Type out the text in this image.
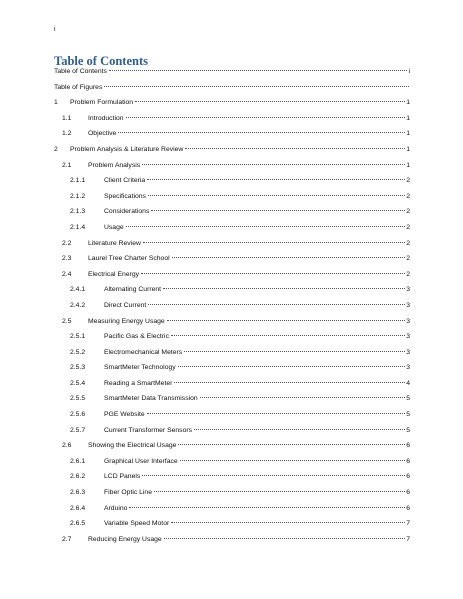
i
Table of Contents
Table of Contents	i
Table of Figures
1	Problem Formulation	1
1.1	Introduction	1
1.2	Objective	1
2	Problem Analysis & Literature Review	1
2.1	Problem Analysis	1
2.1.1	Client Criteria	2
2.1.2	Specifications	2
2.1.3	Considerations	2
2.1.4	Usage	2
2.2	Literature Review	2
2.3	Laurel Tree Charter School	2
2.4	Electrical Energy	2
2.4.1	Alternating Current	3
2.4.2	Direct Current	3
2.5	Measuring Energy Usage	3
2.5.1	Pacific Gas & Electric	3
2.5.2	Electromechanical Meters	3
2.5.3	SmartMeter Technology	3
2.5.4	Reading a SmartMeter	4
2.5.5	SmartMeter Data Transmission	5
2.5.6	PGE Website	5
2.5.7	Current Transformer Sensors	5
2.6	Showing the Electrical Usage	6
2.6.1	Graphical User Interface	6
2.6.2	LCD Panels	6
2.6.3	Fiber Optic Line	6
2.6.4	Arduino	6
2.6.5	Variable Speed Motor	7
2.7	Reducing Energy Usage	7
